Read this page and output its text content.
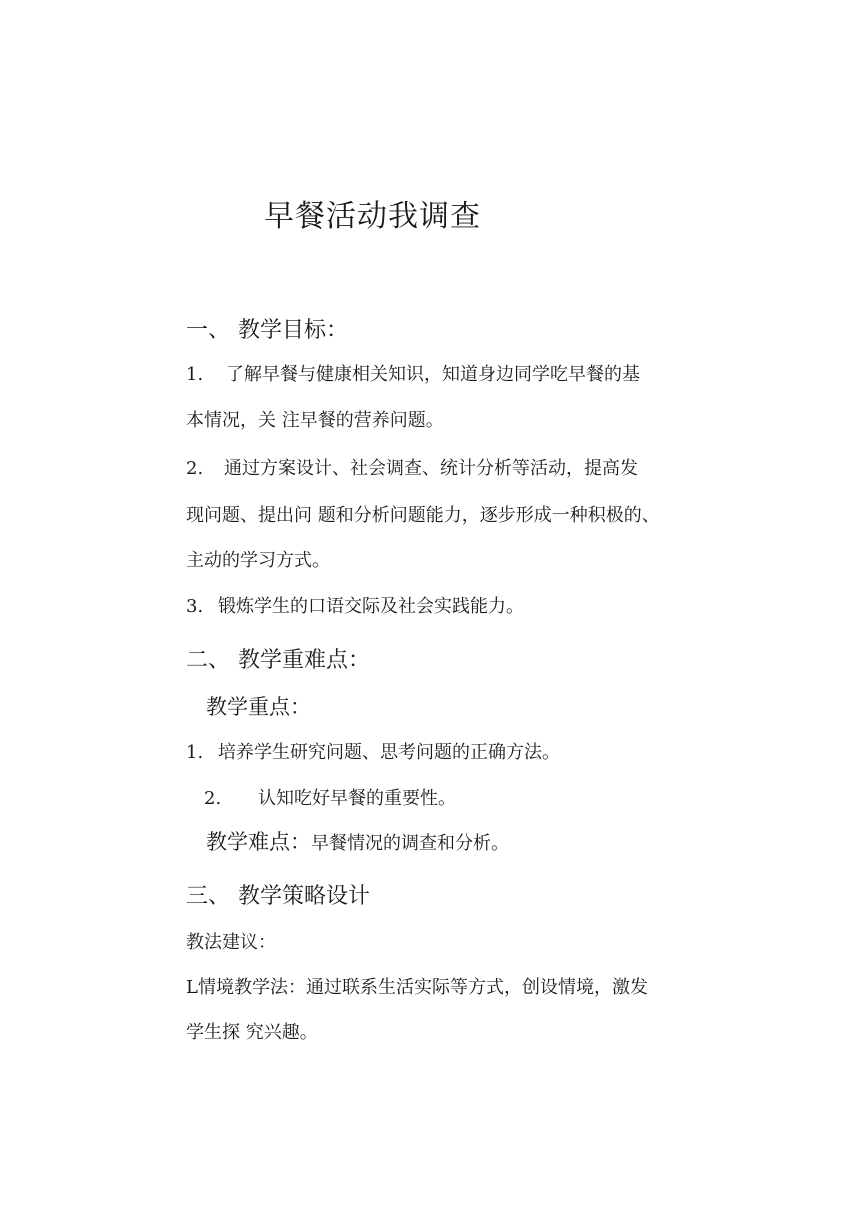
早餐活动我调查
一、 教学目标：
1. 了解早餐与健康相关知识，知道身边同学吃早餐的基
本情况，关 注早餐的营养问题。
2. 通过方案设计、社会调查、统计分析等活动，提高发
现问题、提出问 题和分析问题能力，逐步形成一种积极的、
主动的学习方式。
3. 锻炼学生的口语交际及社会实践能力。
二、 教学重难点：
教学重点：
1. 培养学生研究问题、思考问题的正确方法。
2. 认知吃好早餐的重要性。
教学难点：早餐情况的调查和分析。
三、 教学策略设计
教法建议：
L情境教学法：通过联系生活实际等方式，创设情境，激发
学生探 究兴趣。
